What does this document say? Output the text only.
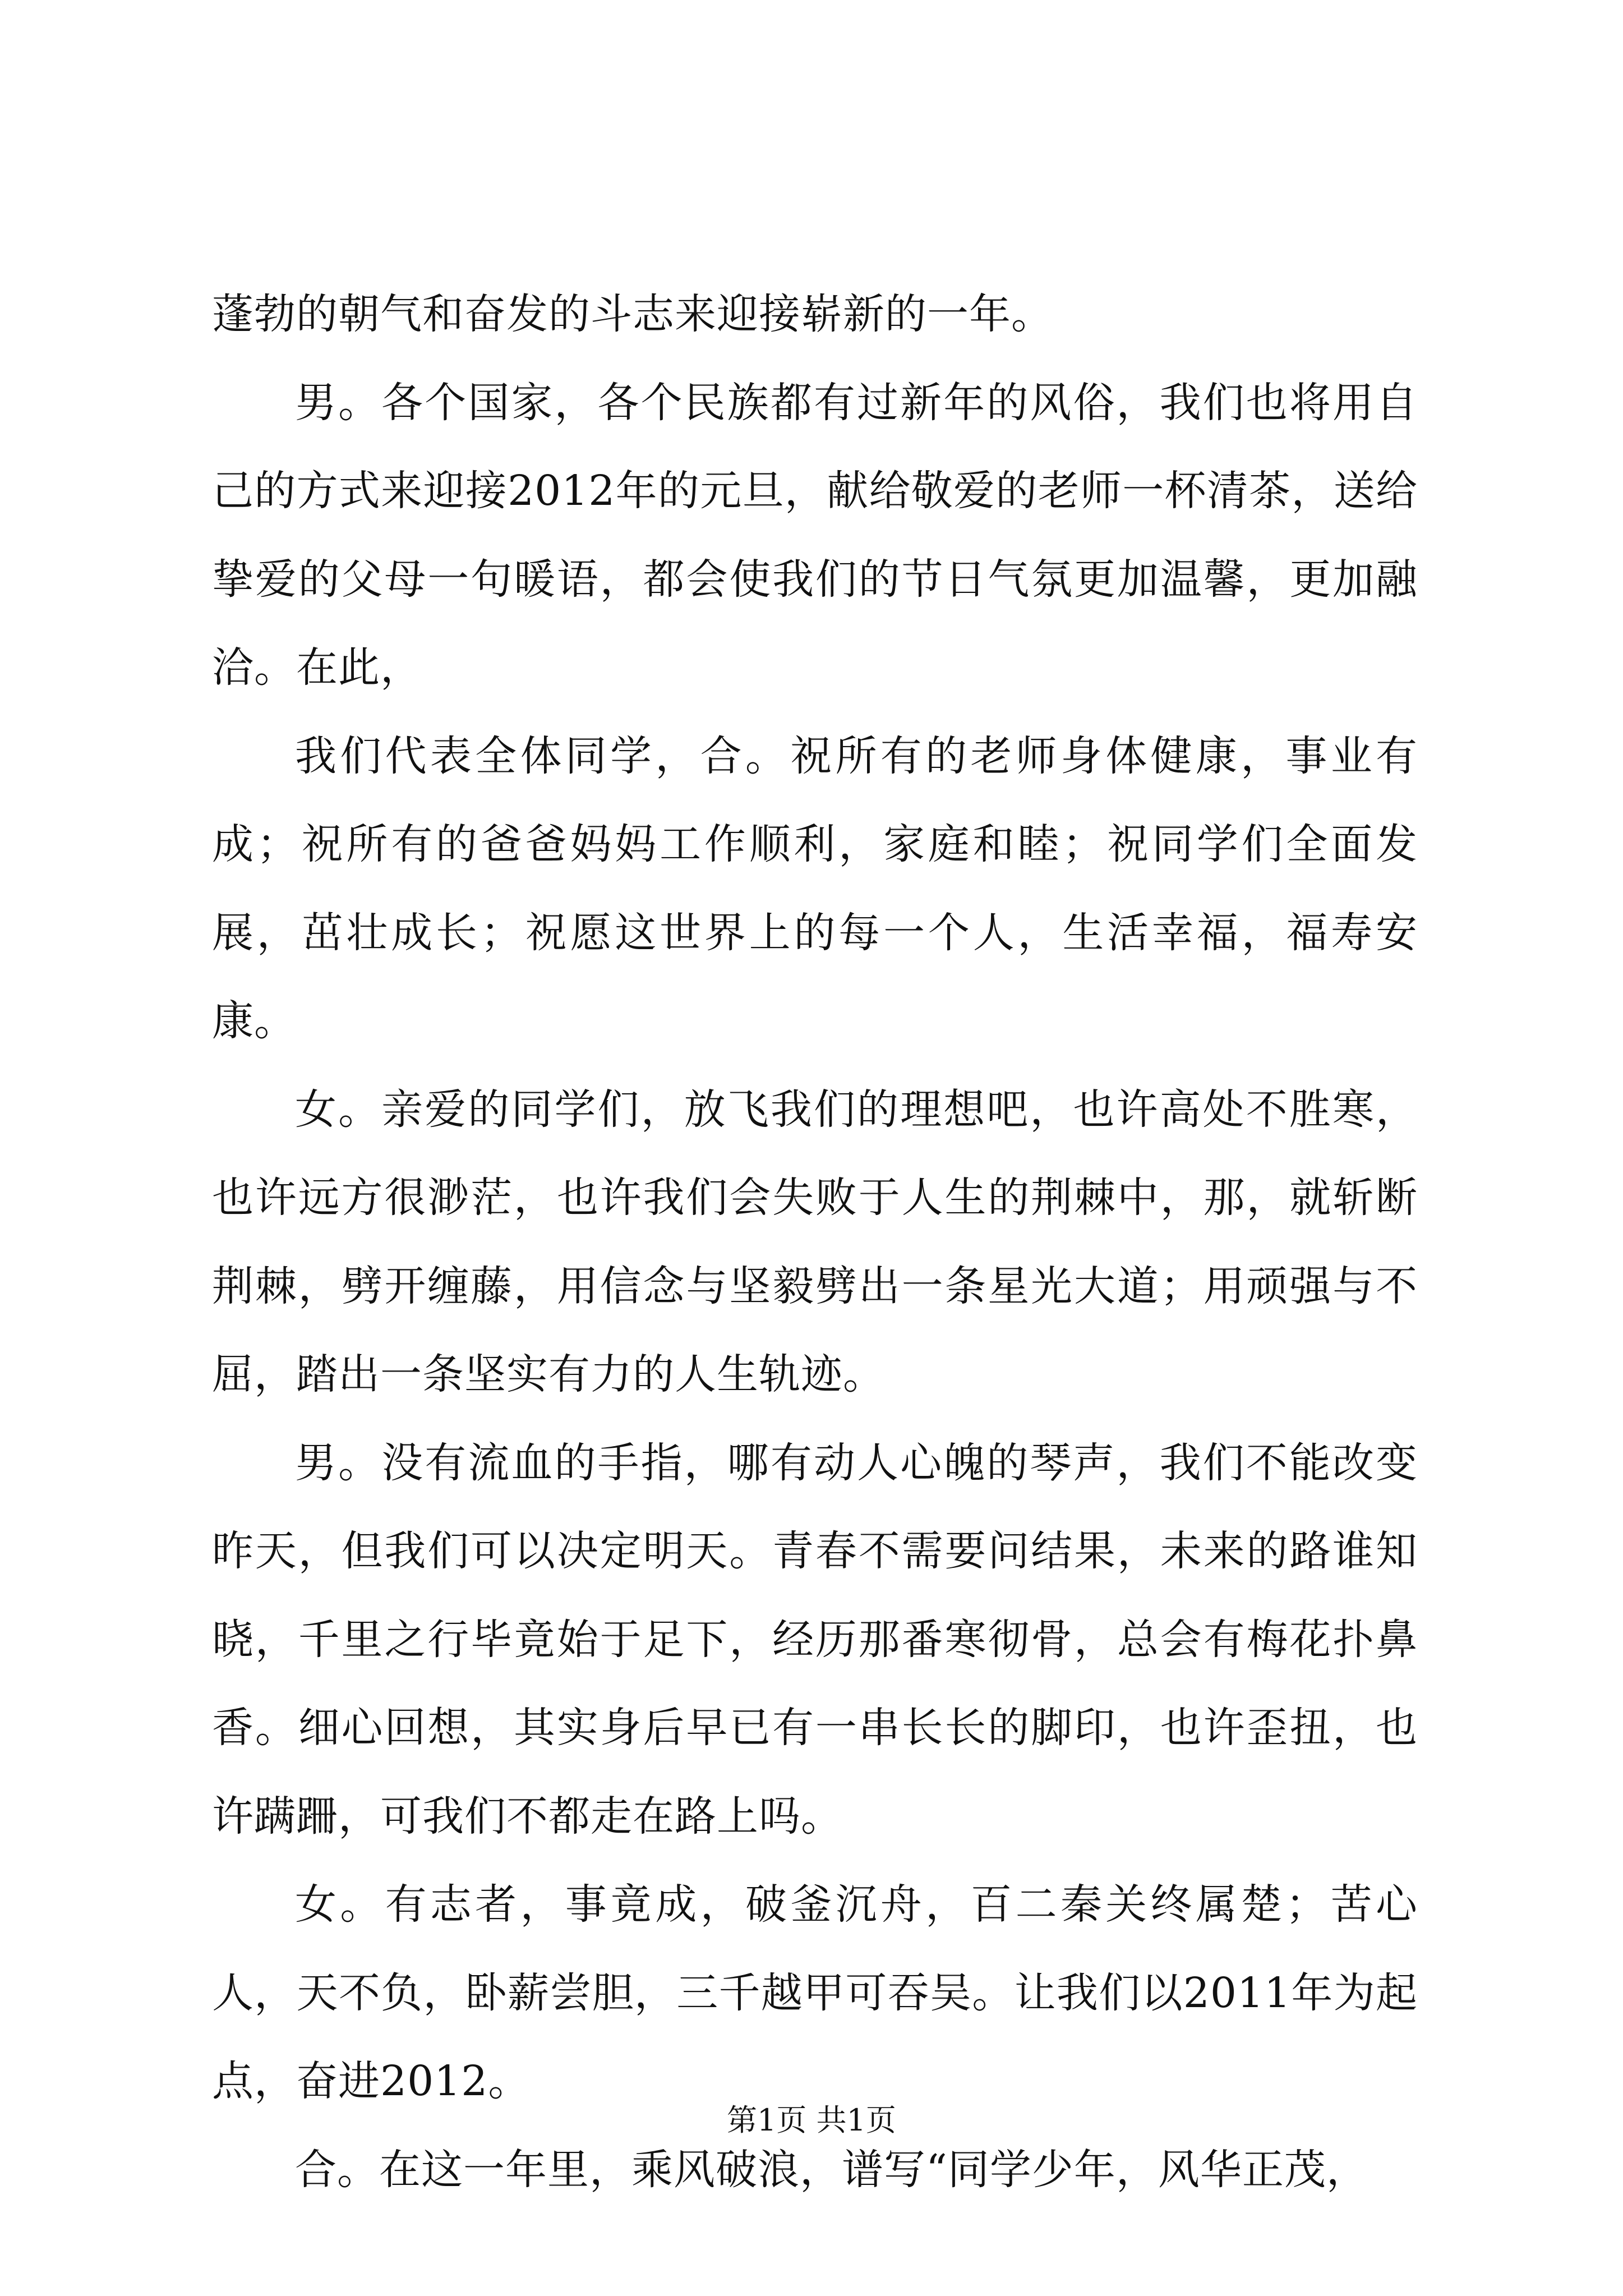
蓬勃的朝气和奋发的斗志来迎接崭新的一年。

男。各个国家，各个民族都有过新年的风俗，我们也将用自己的方式来迎接2012年的元旦，献给敬爱的老师一杯清茶，送给挚爱的父母一句暖语，都会使我们的节日气氛更加温馨，更加融洽。在此，

我们代表全体同学，合。祝所有的老师身体健康，事业有成；祝所有的爸爸妈妈工作顺利，家庭和睦；祝同学们全面发展，茁壮成长；祝愿这世界上的每一个人，生活幸福，福寿安康。

女。亲爱的同学们，放飞我们的理想吧，也许高处不胜寒，也许远方很渺茫，也许我们会失败于人生的荆棘中，那，就斩断荆棘，劈开缠藤，用信念与坚毅劈出一条星光大道；用顽强与不屈，踏出一条坚实有力的人生轨迹。

男。没有流血的手指，哪有动人心魄的琴声，我们不能改变昨天，但我们可以决定明天。青春不需要问结果，未来的路谁知晓，千里之行毕竟始于足下，经历那番寒彻骨，总会有梅花扑鼻香。细心回想，其实身后早已有一串长长的脚印，也许歪扭，也许蹒跚，可我们不都走在路上吗。

女。有志者，事竟成，破釜沉舟，百二秦关终属楚；苦心人，天不负，卧薪尝胆，三千越甲可吞吴。让我们以2011年为起点，奋进2012。

合。在这一年里，乘风破浪，谱写“同学少年，风华正茂，

第1页 共1页
